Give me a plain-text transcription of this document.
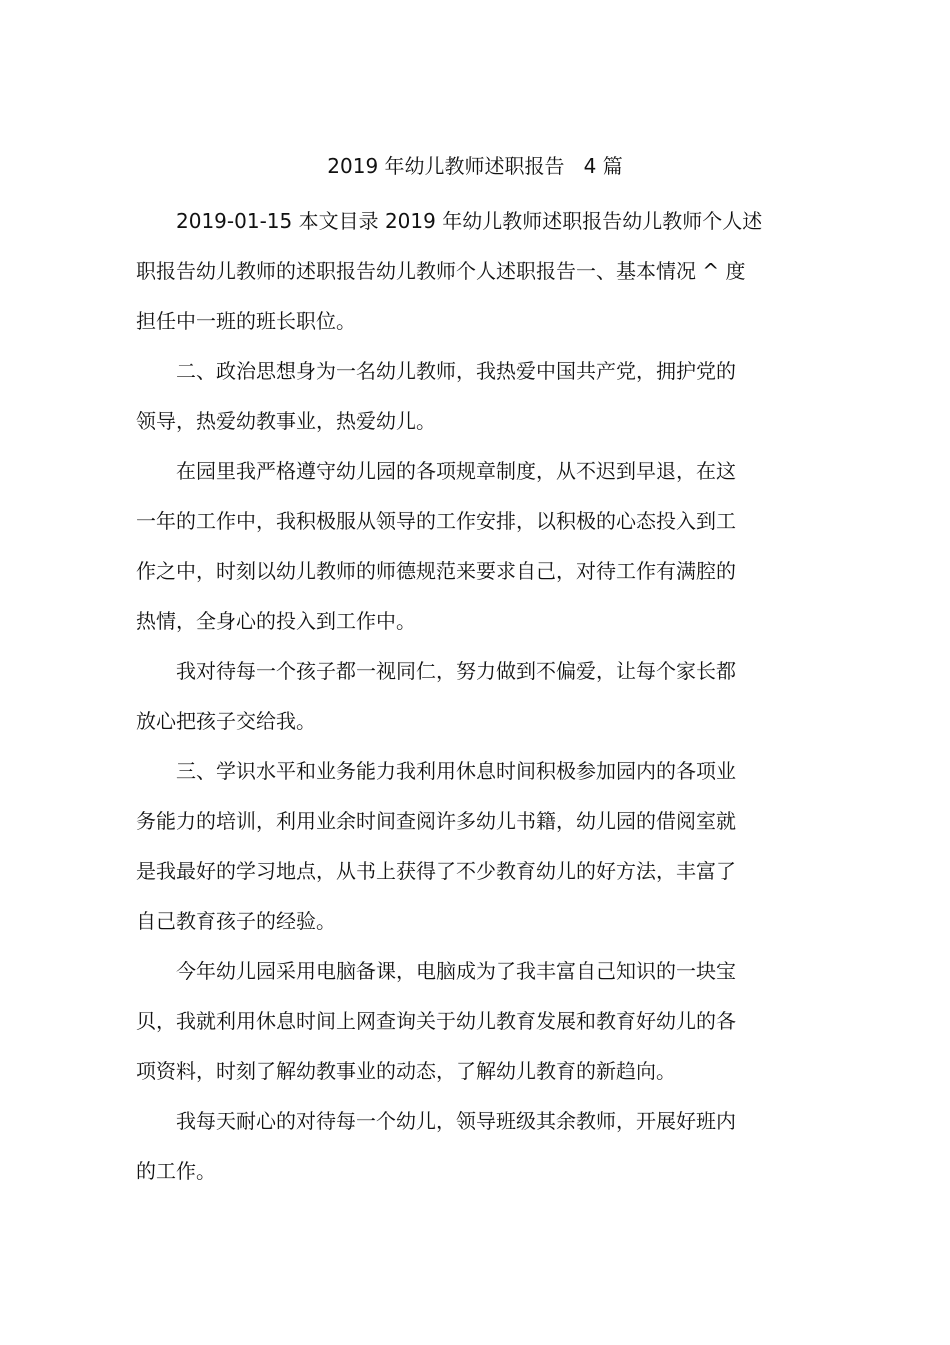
2019 年幼儿教师述职报告   4 篇

2019-01-15 本文目录 2019 年幼儿教师述职报告幼儿教师个人述
职报告幼儿教师的述职报告幼儿教师个人述职报告一、基本情况 ^ 度
担任中一班的班长职位。

二、政治思想身为一名幼儿教师，我热爱中国共产党，拥护党的
领导，热爱幼教事业，热爱幼儿。

在园里我严格遵守幼儿园的各项规章制度，从不迟到早退，在这
一年的工作中，我积极服从领导的工作安排，以积极的心态投入到工
作之中，时刻以幼儿教师的师德规范来要求自己，对待工作有满腔的
热情，全身心的投入到工作中。

我对待每一个孩子都一视同仁，努力做到不偏爱，让每个家长都
放心把孩子交给我。

三、学识水平和业务能力我利用休息时间积极参加园内的各项业
务能力的培训，利用业余时间查阅许多幼儿书籍，幼儿园的借阅室就
是我最好的学习地点，从书上获得了不少教育幼儿的好方法，丰富了
自己教育孩子的经验。

今年幼儿园采用电脑备课，电脑成为了我丰富自己知识的一块宝
贝，我就利用休息时间上网查询关于幼儿教育发展和教育好幼儿的各
项资料，时刻了解幼教事业的动态，了解幼儿教育的新趋向。

我每天耐心的对待每一个幼儿，领导班级其余教师，开展好班内
的工作。
